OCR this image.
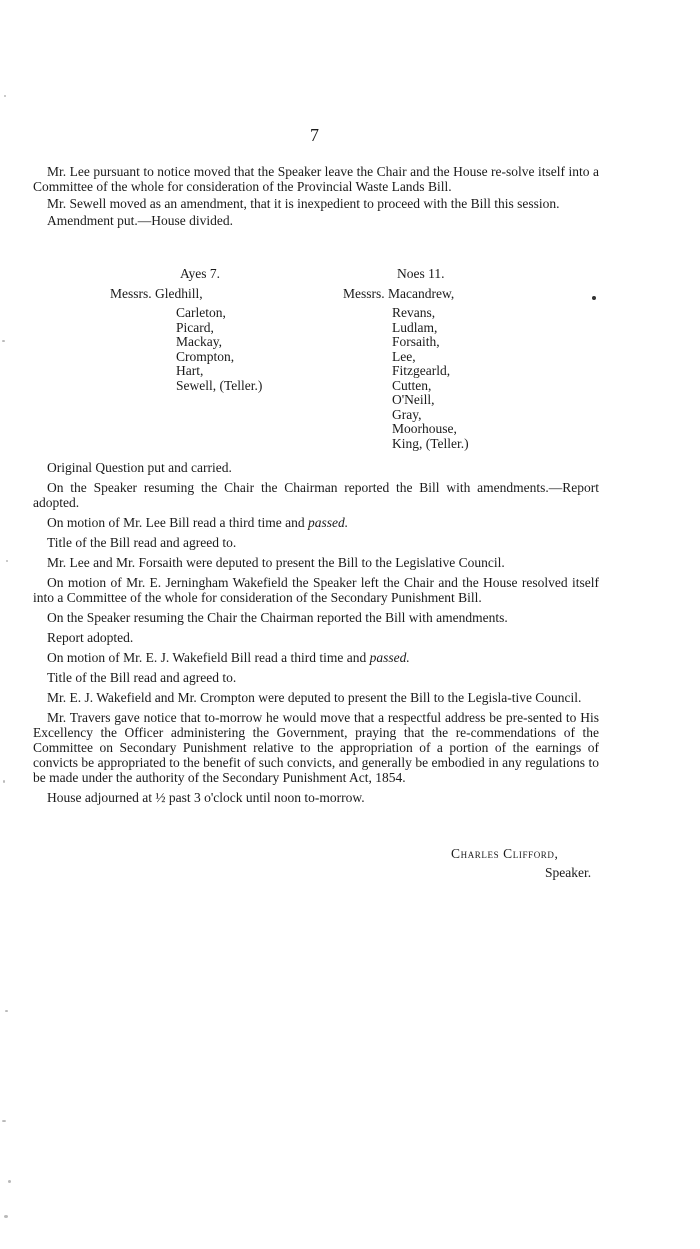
7

Mr. Lee pursuant to notice moved that the Speaker leave the Chair and the House re-solve itself into a Committee of the whole for consideration of the Provincial Waste Lands Bill.

Mr. Sewell moved as an amendment, that it is inexpedient to proceed with the Bill this session.

Amendment put.—House divided.

Ayes 7.	Noes 11.
Messrs. Gledhill,	Messrs. Macandrew,
Carleton,
Picard,
Mackay,
Crompton,
Hart,
Sewell, (Teller.)
Revans,
Ludlam,
Forsaith,
Lee,
Fitzgearld,
Cutten,
O'Neill,
Gray,
Moorhouse,
King, (Teller.)

Original Question put and carried.

On the Speaker resuming the Chair the Chairman reported the Bill with amendments.—Report adopted.

On motion of Mr. Lee Bill read a third time and passed.

Title of the Bill read and agreed to.

Mr. Lee and Mr. Forsaith were deputed to present the Bill to the Legislative Council.

On motion of Mr. E. Jerningham Wakefield the Speaker left the Chair and the House resolved itself into a Committee of the whole for consideration of the Secondary Punishment Bill.

On the Speaker resuming the Chair the Chairman reported the Bill with amendments.

Report adopted.

On motion of Mr. E. J. Wakefield Bill read a third time and passed.

Title of the Bill read and agreed to.

Mr. E. J. Wakefield and Mr. Crompton were deputed to present the Bill to the Legisla-tive Council.

Mr. Travers gave notice that to-morrow he would move that a respectful address be pre-sented to His Excellency the Officer administering the Government, praying that the re-commendations of the Committee on Secondary Punishment relative to the appropriation of a portion of the earnings of convicts be appropriated to the benefit of such convicts, and generally be embodied in any regulations to be made under the authority of the Secondary Punishment Act, 1854.

House adjourned at ½ past 3 o'clock until noon to-morrow.

Charles Clifford,
Speaker.
